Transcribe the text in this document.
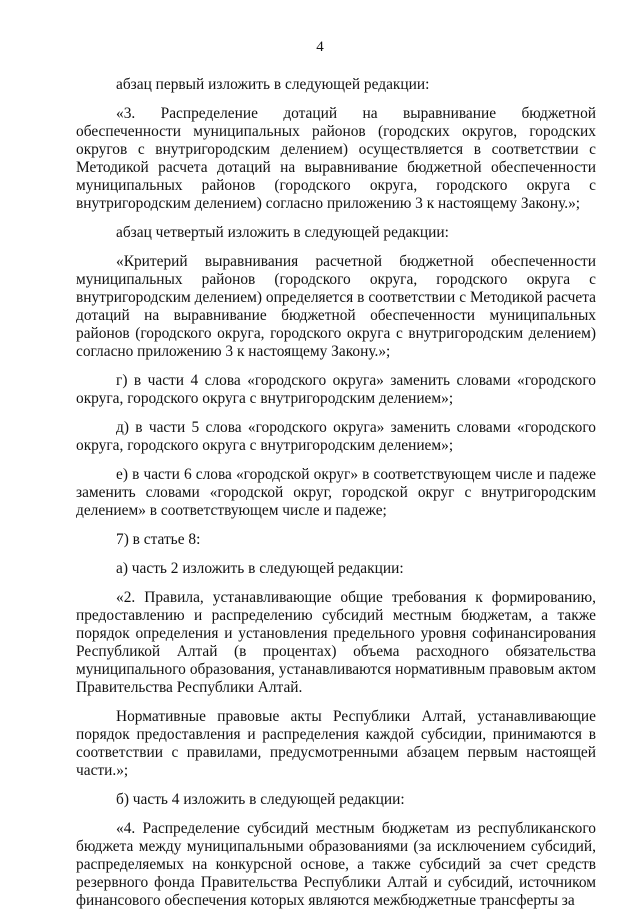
4

абзац первый изложить в следующей редакции:

«3. Распределение дотаций на выравнивание бюджетной обеспеченности муниципальных районов (городских округов, городских округов с внутригородским делением) осуществляется в соответствии с Методикой расчета дотаций на выравнивание бюджетной обеспеченности муниципальных районов (городского округа, городского округа с внутригородским делением) согласно приложению 3 к настоящему Закону.»;

абзац четвертый изложить в следующей редакции:

«Критерий выравнивания расчетной бюджетной обеспеченности муниципальных районов (городского округа, городского округа с внутригородским делением) определяется в соответствии с Методикой расчета дотаций на выравнивание бюджетной обеспеченности муниципальных районов (городского округа, городского округа с внутригородским делением) согласно приложению 3 к настоящему Закону.»;

г) в части 4 слова «городского округа» заменить словами «городского округа, городского округа с внутригородским делением»;

д) в части 5 слова «городского округа» заменить словами «городского округа, городского округа с внутригородским делением»;

е) в части 6 слова «городской округ» в соответствующем числе и падеже заменить словами «городской округ, городской округ с внутригородским делением» в соответствующем числе и падеже;

7) в статье 8:

а) часть 2 изложить в следующей редакции:

«2. Правила, устанавливающие общие требования к формированию, предоставлению и распределению субсидий местным бюджетам, а также порядок определения и установления предельного уровня софинансирования Республикой Алтай (в процентах) объема расходного обязательства муниципального образования, устанавливаются нормативным правовым актом Правительства Республики Алтай.

Нормативные правовые акты Республики Алтай, устанавливающие порядок предоставления и распределения каждой субсидии, принимаются в соответствии с правилами, предусмотренными абзацем первым настоящей части.»;

б) часть 4 изложить в следующей редакции:

«4. Распределение субсидий местным бюджетам из республиканского бюджета между муниципальными образованиями (за исключением субсидий, распределяемых на конкурсной основе, а также субсидий за счет средств резервного фонда Правительства Республики Алтай и субсидий, источником финансового обеспечения которых являются межбюджетные трансферты за
